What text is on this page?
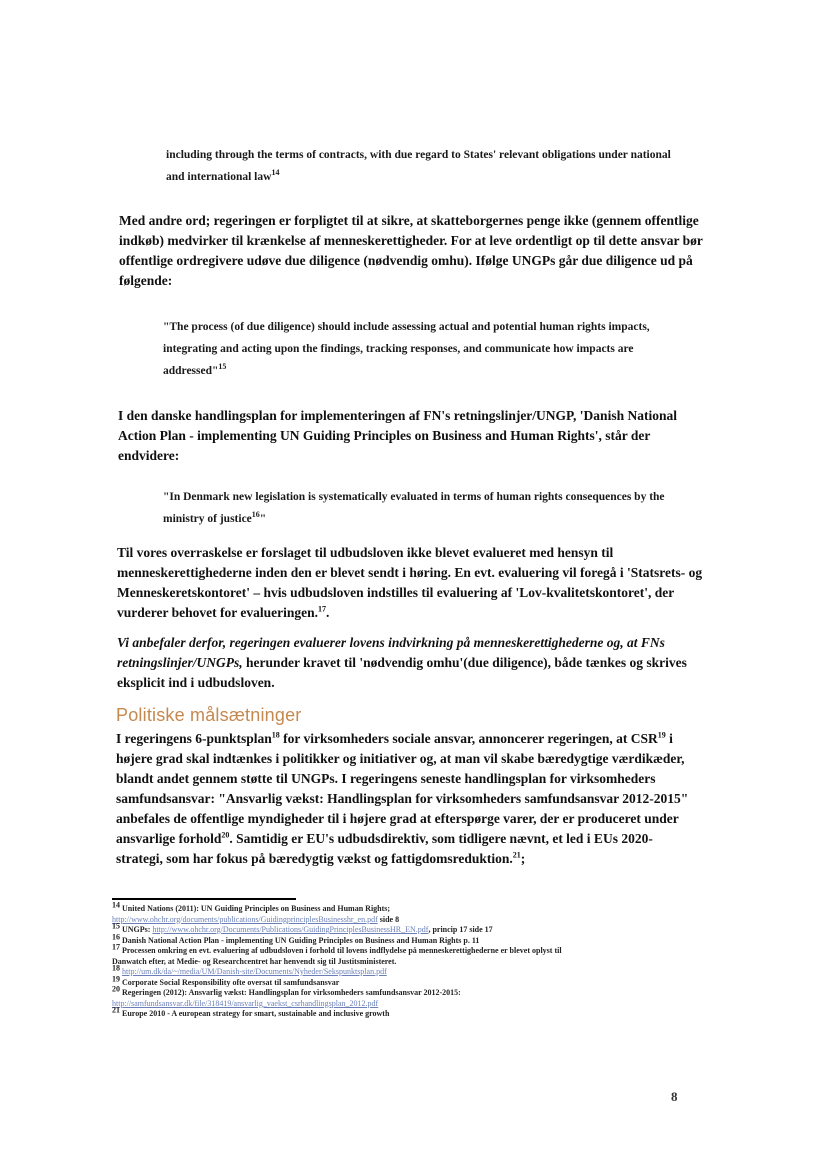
including through the terms of contracts, with due regard to States' relevant obligations under national
and international law$^{14}$
Med andre ord; regeringen er forpligtet til at sikre, at skatteborgernes penge ikke (gennem offentlige
indkøb) medvirker til krænkelse af menneskerettigheder. For at leve ordentligt op til dette ansvar bør
offentlige ordregivere udøve due diligence (nødvendig omhu). Ifølge UNGPs går due diligence ud på
følgende:
"The process (of due diligence) should include assessing actual and potential human rights impacts,
integrating and acting upon the findings, tracking responses, and communicate how impacts are
addressed"$^{15}$
I den danske handlingsplan for implementeringen af FN's retningslinjer/UNGP, 'Danish National
Action Plan - implementing UN Guiding Principles on Business and Human Rights', står der
endvidere:
"In Denmark new legislation is systematically evaluated in terms of human rights consequences by the
ministry of justice$^{16}$"
Til vores overraskelse er forslaget til udbudsloven ikke blevet evalueret med hensyn til
menneskerettighederne inden den er blevet sendt i høring. En evt. evaluering vil foregå i 'Statsrets- og
Menneskeretskontoret' – hvis udbudsloven indstilles til evaluering af 'Lov-kvalitetskontoret', der
vurderer behovet for evalueringen.$^{17}$.
Vi anbefaler derfor, regeringen evaluerer lovens indvirkning på menneskerettighederne og, at FNs
retningslinjer/UNGPs, herunder kravet til 'nødvendig omhu'(due diligence), både tænkes og skrives
eksplicit ind i udbudsloven.
Politiske målsætninger
I regeringens 6-punktsplan$^{18}$ for virksomheders sociale ansvar, annoncerer regeringen, at CSR$^{19}$ i
højere grad skal indtænkes i politikker og initiativer og, at man vil skabe bæredygtige værdikæder,
blandt andet gennem støtte til UNGPs. I regeringens seneste handlingsplan for virksomheders
samfundsansvar: "Ansvarlig vækst: Handlingsplan for virksomheders samfundsansvar 2012-2015"
anbefales de offentlige myndigheder til i højere grad at efterspørge varer, der er produceret under
ansvarlige forhold$^{20}$. Samtidig er EU's udbudsdirektiv, som tidligere nævnt, et led i EUs 2020-
strategi, som har fokus på bæredygtig vækst og fattigdomsreduktion.$^{21}$;
$^{14}$ United Nations (2011): UN Guiding Principles on Business and Human Rights;
http://www.ohchr.org/documents/publications/GuidingprinciplesBusinesshr_en.pdf side 8
$^{15}$ UNGPs: http://www.ohchr.org/Documents/Publications/GuidingPrinciplesBusinessHR_EN.pdf, princip 17 side 17
$^{16}$ Danish National Action Plan - implementing UN Guiding Principles on Business and Human Rights p. 11
$^{17}$ Processen omkring en evt. evaluering af udbudsloven i forhold til lovens indflydelse på menneskerettighederne er blevet oplyst til
Danwatch efter, at Medie- og Researchcentret har henvendt sig til Justitsministeret.
$^{18}$ http://um.dk/da/~/media/UM/Danish-site/Documents/Nyheder/Sekspunktsplan.pdf
$^{19}$ Corporate Social Responsibility ofte oversat til samfundsansvar
$^{20}$ Regeringen (2012): Ansvarlig vækst: Handlingsplan for virksomheders samfundsansvar 2012-2015:
http://samfundsansvar.dk/file/318419/ansvarlig_vaekst_csrhandlingsplan_2012.pdf
$^{21}$ Europe 2010 - A european strategy for smart, sustainable and inclusive growth
8
